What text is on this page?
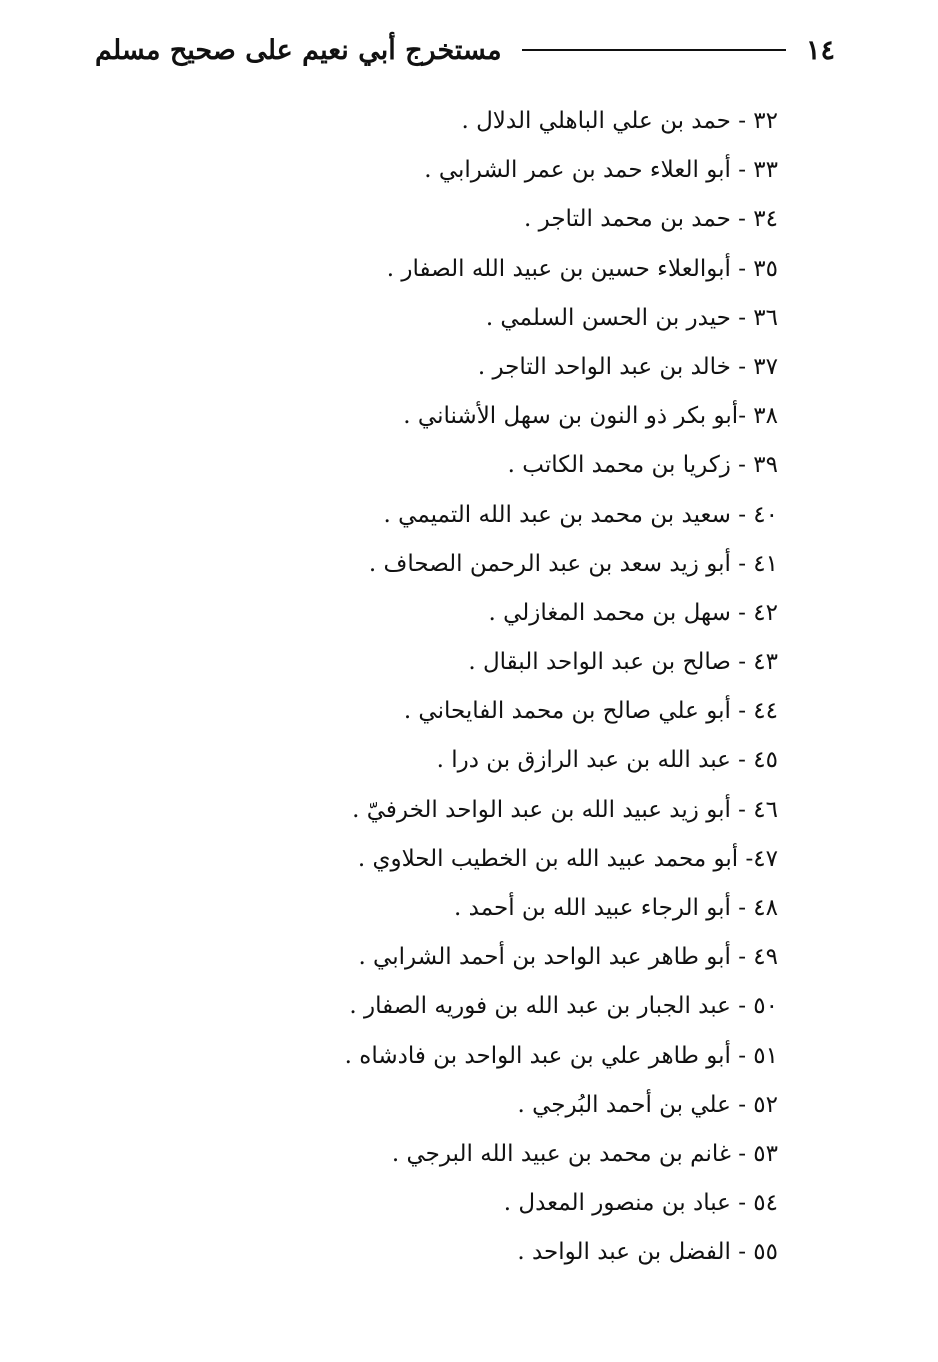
١٤
مستخرج أبي نعيم على صحيح مسلم
٣٢ - حمد بن علي الباهلي الدلال .
٣٣ - أبو العلاء حمد بن عمر الشرابي .
٣٤ - حمد بن محمد التاجر .
٣٥ - أبوالعلاء حسين بن عبيد الله الصفار .
٣٦ - حيدر بن الحسن السلمي .
٣٧ - خالد بن عبد الواحد التاجر .
٣٨ -أبو بكر ذو النون بن سهل الأشناني .
٣٩ - زكريا بن محمد الكاتب .
٤٠ - سعيد بن محمد بن عبد الله التميمي .
٤١ - أبو زيد سعد بن عبد الرحمن الصحاف .
٤٢ - سهل بن محمد المغازلي .
٤٣ - صالح بن عبد الواحد البقال .
٤٤ - أبو علي صالح بن محمد الفايحاني .
٤٥ - عبد الله بن عبد الرازق بن درا .
٤٦ - أبو زيد عبيد الله بن عبد الواحد الخرفيّ .
٤٧- أبو محمد عبيد الله بن الخطيب الحلاوي .
٤٨ - أبو الرجاء عبيد الله بن أحمد .
٤٩ - أبو طاهر عبد الواحد بن أحمد الشرابي .
٥٠ - عبد الجبار بن عبد الله بن فوريه الصفار .
٥١ - أبو طاهر علي بن عبد الواحد بن فادشاه .
٥٢ - علي بن أحمد البُرجي .
٥٣ - غانم بن محمد بن عبيد الله البرجي .
٥٤ - عباد بن منصور المعدل .
٥٥ - الفضل بن عبد الواحد .
